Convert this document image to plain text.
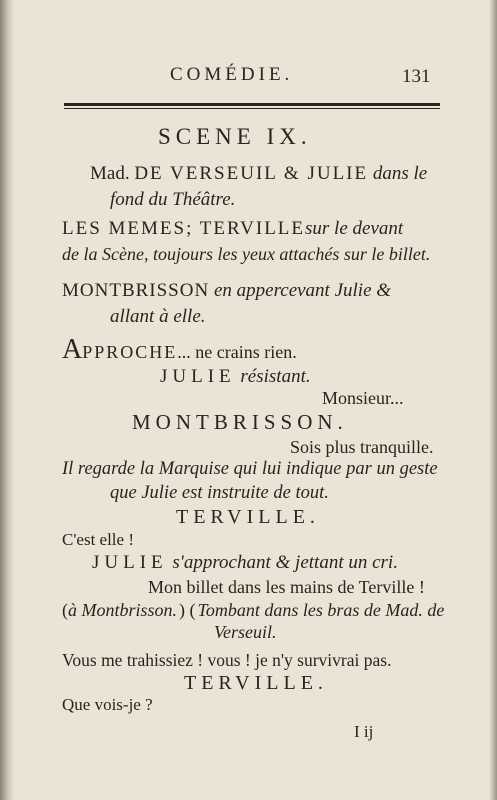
COMÉDIE.	131
SCENE IX.
Mad. DE VERSEUIL & JULIE dans le
fond du Théâtre.
LES MEMES; TERVILLEsur le devant
de la Scène, toujours les yeux attachés sur le billet.
MONTBRISSON en appercevant Julie &
allant à elle.
APPROCHE... ne crains rien.
JULIE résistant.
Monsieur...
MONTBRISSON.
Sois plus tranquille.
Il regarde la Marquise qui lui indique par un geste
que Julie est instruite de tout.
TERVILLE.
C'est elle !
JULIE s'approchant & jettant un cri.
Mon billet dans les mains de Terville !
(à Montbrisson. ) ( Tombant dans les bras de Mad. de
Verseuil.
Vous me trahissiez ! vous ! je n'y survivrai pas.
TERVILLE.
Que vois-je ?
I ij
